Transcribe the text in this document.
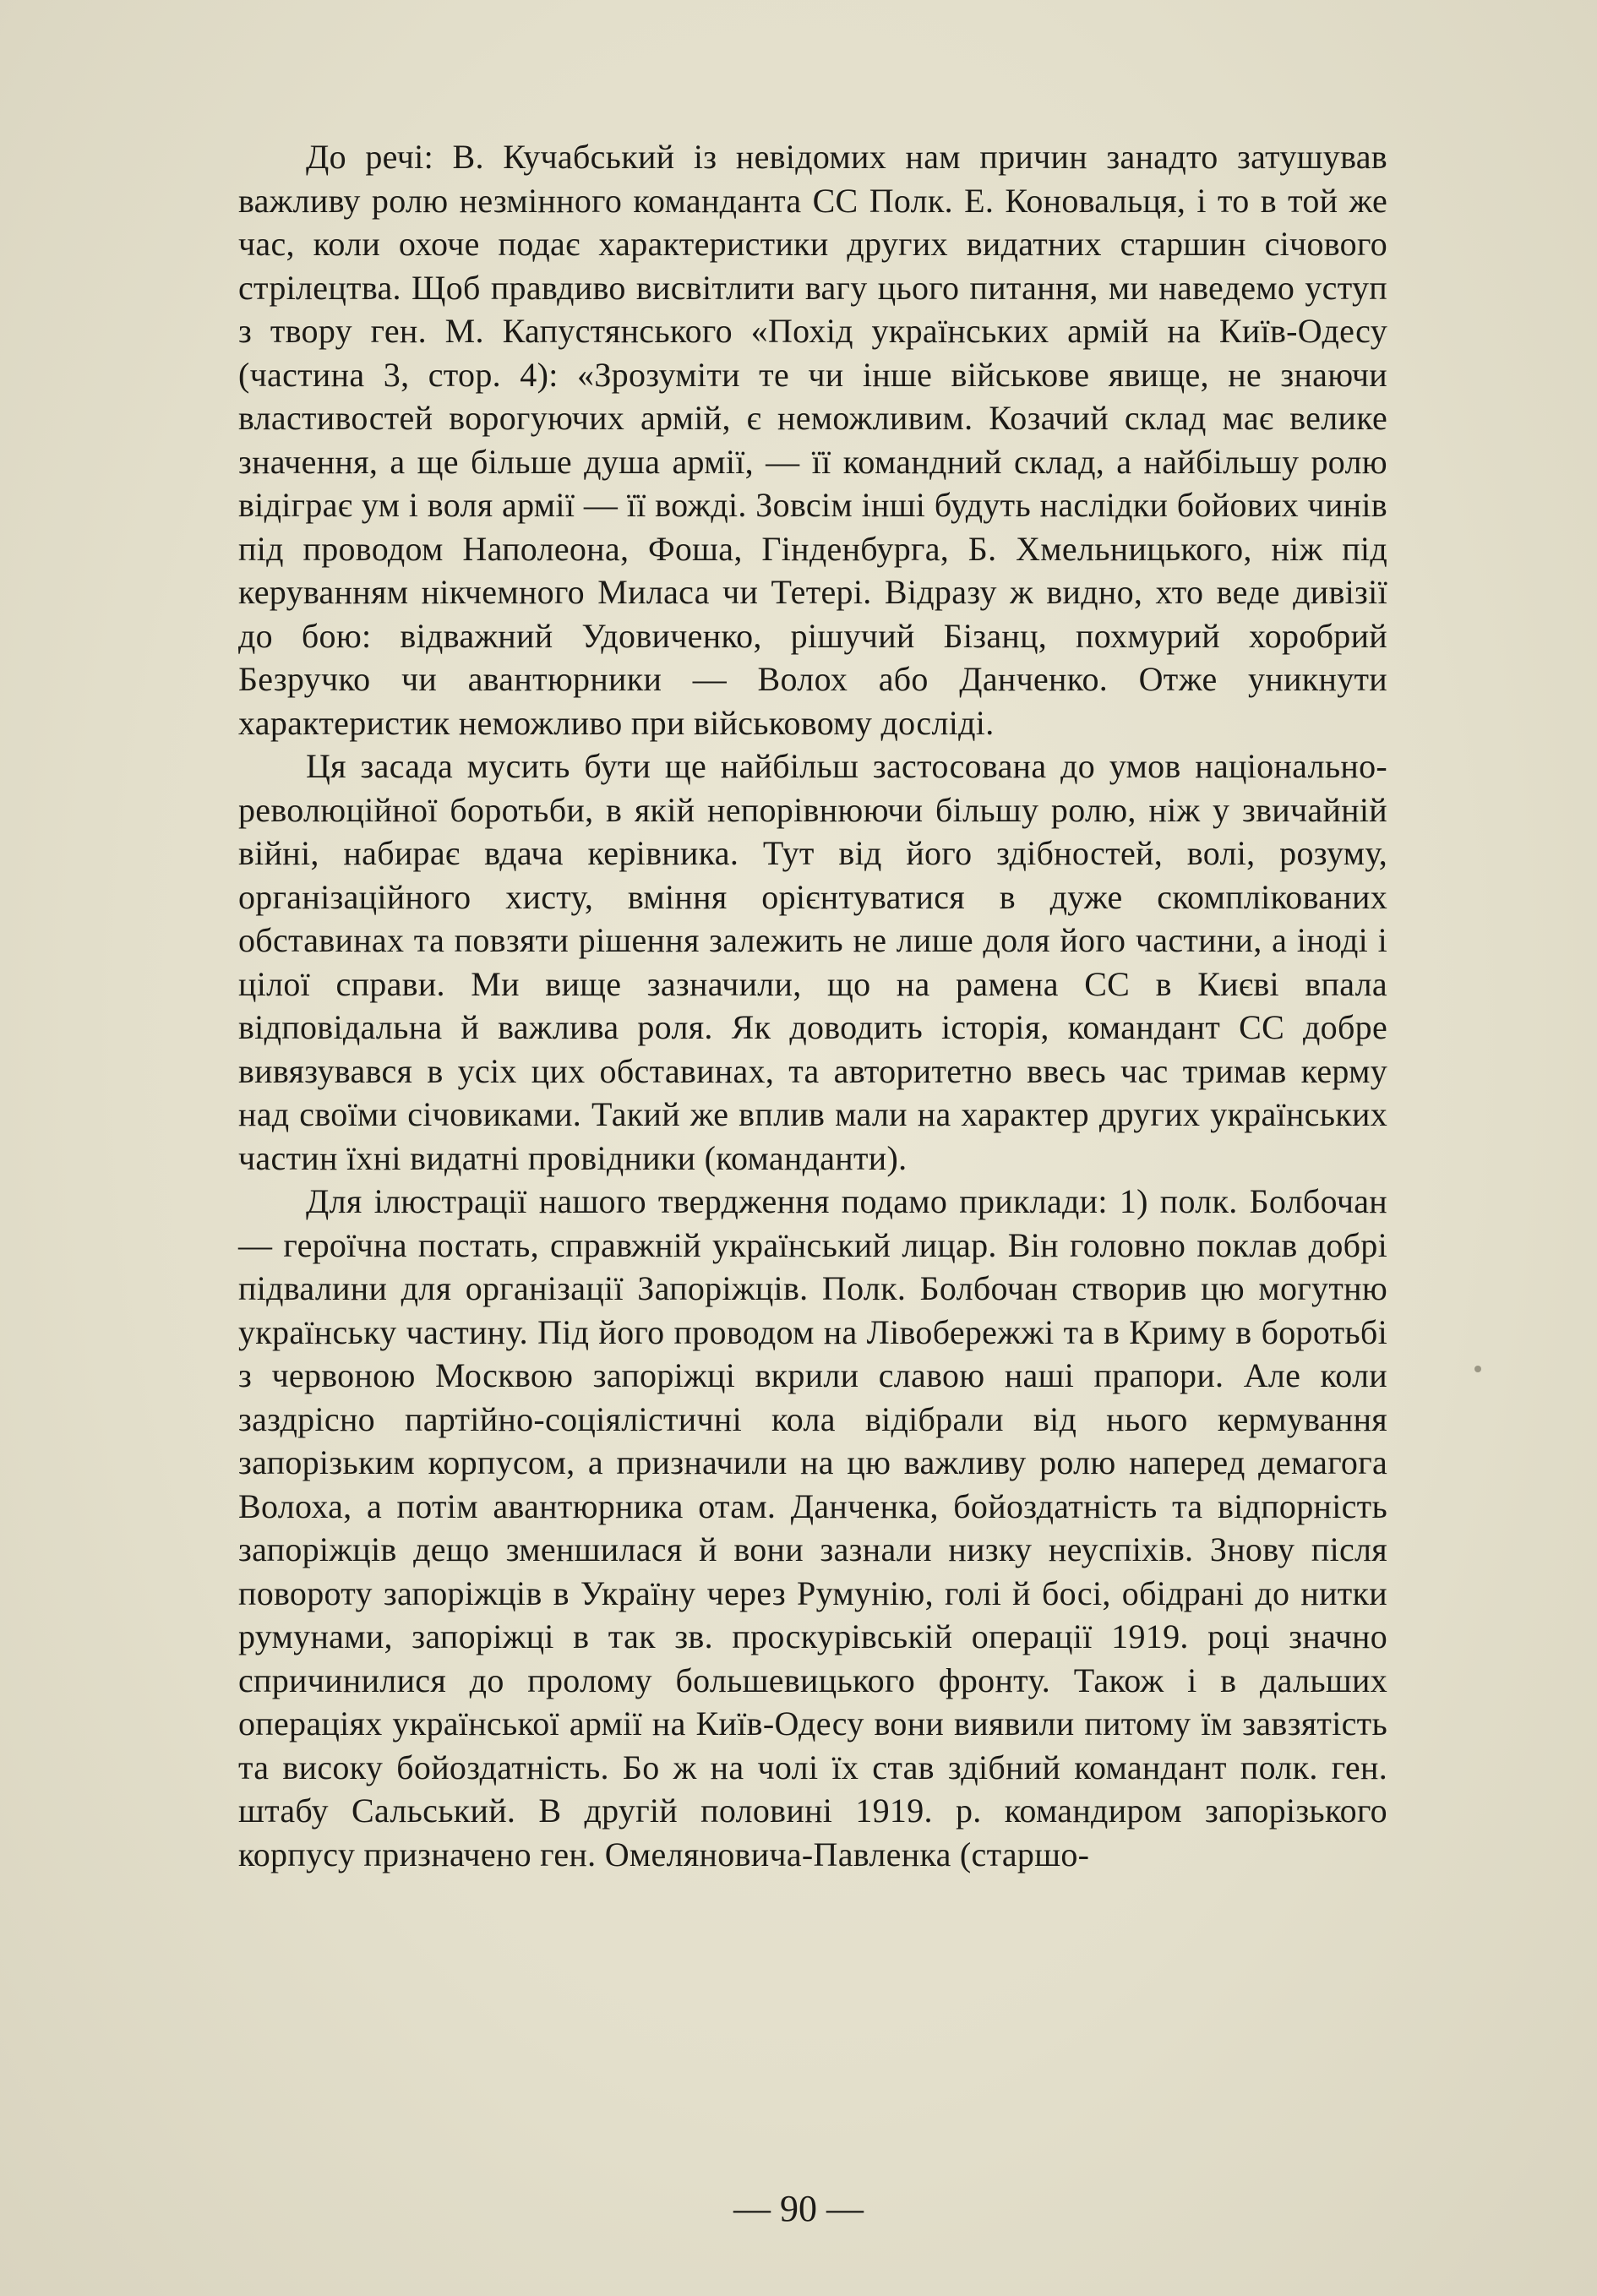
До речі: В. Кучабський із невідомих нам причин занадто затушував важливу ролю незмінного команданта СС Полк. Е. Коновальця, і то в той же час, коли охоче подає характеристики других видатних старшин січового стрілецтва. Щоб правдиво висвітлити вагу цього питання, ми наведемо уступ з твору ген. М. Капустянського «Похід українських армій на Київ-Одесу (частина 3, стор. 4): «Зрозуміти те чи інше військове явище, не знаючи властивостей ворогуючих армій, є неможливим. Козачий склад має велике значення, а ще більше душа армії, — її командний склад, а найбільшу ролю відіграє ум і воля армії — її вожді. Зовсім інші будуть наслідки бойових чинів під проводом Наполеона, Фоша, Гінденбурга, Б. Хмельницького, ніж під керуванням нікчемного Миласа чи Тетері. Відразу ж видно, хто веде дивізії до бою: відважний Удовиченко, рішучий Бізанц, похмурий хоробрий Безручко чи авантюрники — Волох або Данченко. Отже уникнути характеристик неможливо при військовому досліді.

Ця засада мусить бути ще найбільш застосована до умов національно-революційної боротьби, в якій непорівнюючи більшу ролю, ніж у звичайній війні, набирає вдача керівника. Тут від його здібностей, волі, розуму, організаційного хисту, вміння орієнтуватися в дуже скомплікованих обставинах та повзяти рішення залежить не лише доля його частини, а іноді і цілої справи. Ми вище зазначили, що на рамена СС в Києві впала відповідальна й важлива роля. Як доводить історія, командант СС добре вивязувався в усіх цих обставинах, та авторитетно ввесь час тримав керму над своїми січовиками. Такий же вплив мали на характер других українських частин їхні видатні провідники (команданти).

Для ілюстрації нашого твердження подамо приклади: 1) полк. Болбочан — героїчна постать, справжній український лицар. Він головно поклав добрі підвалини для організації Запоріжців. Полк. Болбочан створив цю могутню українську частину. Під його проводом на Лівобережжі та в Криму в боротьбі з червоною Москвою запоріжці вкрили славою наші прапори. Але коли заздрісно партійно-соціялістичні кола відібрали від нього кермування запорізьким корпусом, а призначили на цю важливу ролю наперед демагога Волоха, а потім авантюрника отам. Данченка, бойоздатність та відпорність запоріжців дещо зменшилася й вони зазнали низку неуспіхів. Знову після повороту запоріжців в Україну через Румунію, голі й босі, обідрані до нитки румунами, запоріжці в так зв. проскурівській операції 1919. році значно спричинилися до пролому большевицького фронту. Також і в дальших операціях української армії на Київ-Одесу вони виявили питому їм завзятість та високу бойоздатність. Бо ж на чолі їх став здібний командант полк. ген. штабу Сальський. В другій половині 1919. р. командиром запорізького корпусу призначено ген. Омеляновича-Павленка (старшо-

— 90 —
